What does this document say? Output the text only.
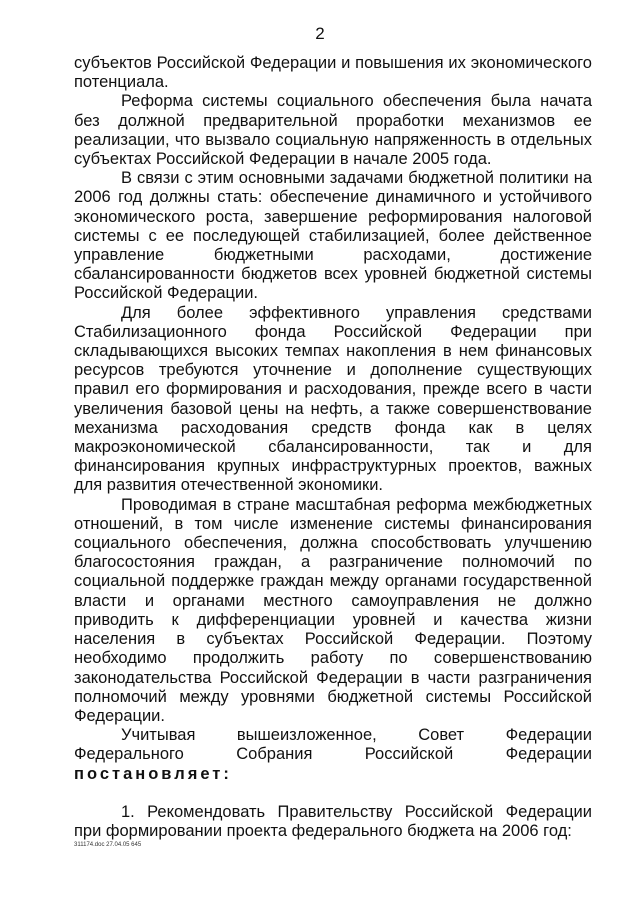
2

субъектов Российской Федерации и повышения их экономического потенциала.

Реформа системы социального обеспечения была начата без должной предварительной проработки механизмов ее реализации, что вызвало социальную напряженность в отдельных субъектах Российской Федерации в начале 2005 года.

В связи с этим основными задачами бюджетной политики на 2006 год должны стать: обеспечение динамичного и устойчивого экономического роста, завершение реформирования налоговой системы с ее последующей стабилизацией, более действенное управление бюджетными расходами, достижение сбалансированности бюджетов всех уровней бюджетной системы Российской Федерации.

Для более эффективного управления средствами Стабилизационного фонда Российской Федерации при складывающихся высоких темпах накопления в нем финансовых ресурсов требуются уточнение и дополнение существующих правил его формирования и расходования, прежде всего в части увеличения базовой цены на нефть, а также совершенствование механизма расходования средств фонда как в целях макроэкономической сбалансированности, так и для финансирования крупных инфраструктурных проектов, важных для развития отечественной экономики.

Проводимая в стране масштабная реформа межбюджетных отношений, в том числе изменение системы финансирования социального обеспечения, должна способствовать улучшению благосостояния граждан, а разграничение полномочий по социальной поддержке граждан между органами государственной власти и органами местного самоуправления не должно приводить к дифференциации уровней и качества жизни населения в субъектах Российской Федерации. Поэтому необходимо продолжить работу по совершенствованию законодательства Российской Федерации в части разграничения полномочий между уровнями бюджетной системы Российской Федерации.

Учитывая вышеизложенное, Совет Федерации Федерального Собрания Российской Федерации постановляет:

1. Рекомендовать Правительству Российской Федерации при формировании проекта федерального бюджета на 2006 год:

311174.doc 27.04.05 645
